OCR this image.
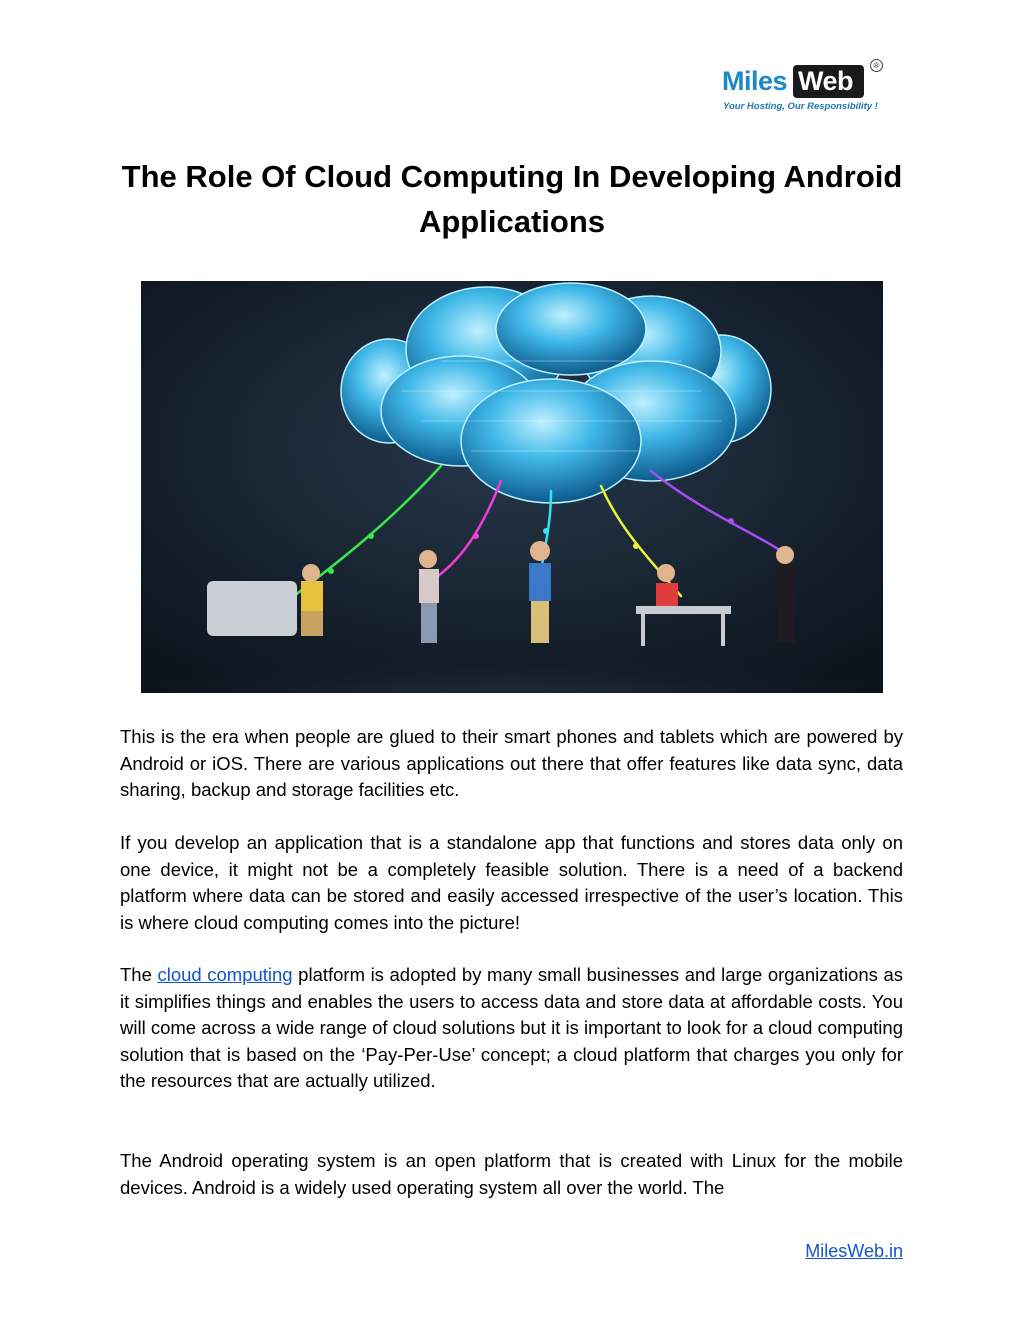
Miles Web
®
Your Hosting, Our Responsibility !
The Role Of Cloud Computing In Developing Android Applications

This is the era when people are glued to their smart phones and tablets which are powered by Android or iOS. There are various applications out there that offer features like data sync, data sharing, backup and storage facilities etc.

If you develop an application that is a standalone app that functions and stores data only on one device, it might not be a completely feasible solution. There is a need of a backend platform where data can be stored and easily accessed irrespective of the user’s location. This is where cloud computing comes into the picture!

The cloud computing platform is adopted by many small businesses and large organizations as it simplifies things and enables the users to access data and store data at affordable costs. You will come across a wide range of cloud solutions but it is important to look for a cloud computing solution that is based on the ‘Pay-Per-Use’ concept; a cloud platform that charges you only for the resources that are actually utilized.

The Android operating system is an open platform that is created with Linux for the mobile devices. Android is a widely used operating system all over the world. The

MilesWeb.in
